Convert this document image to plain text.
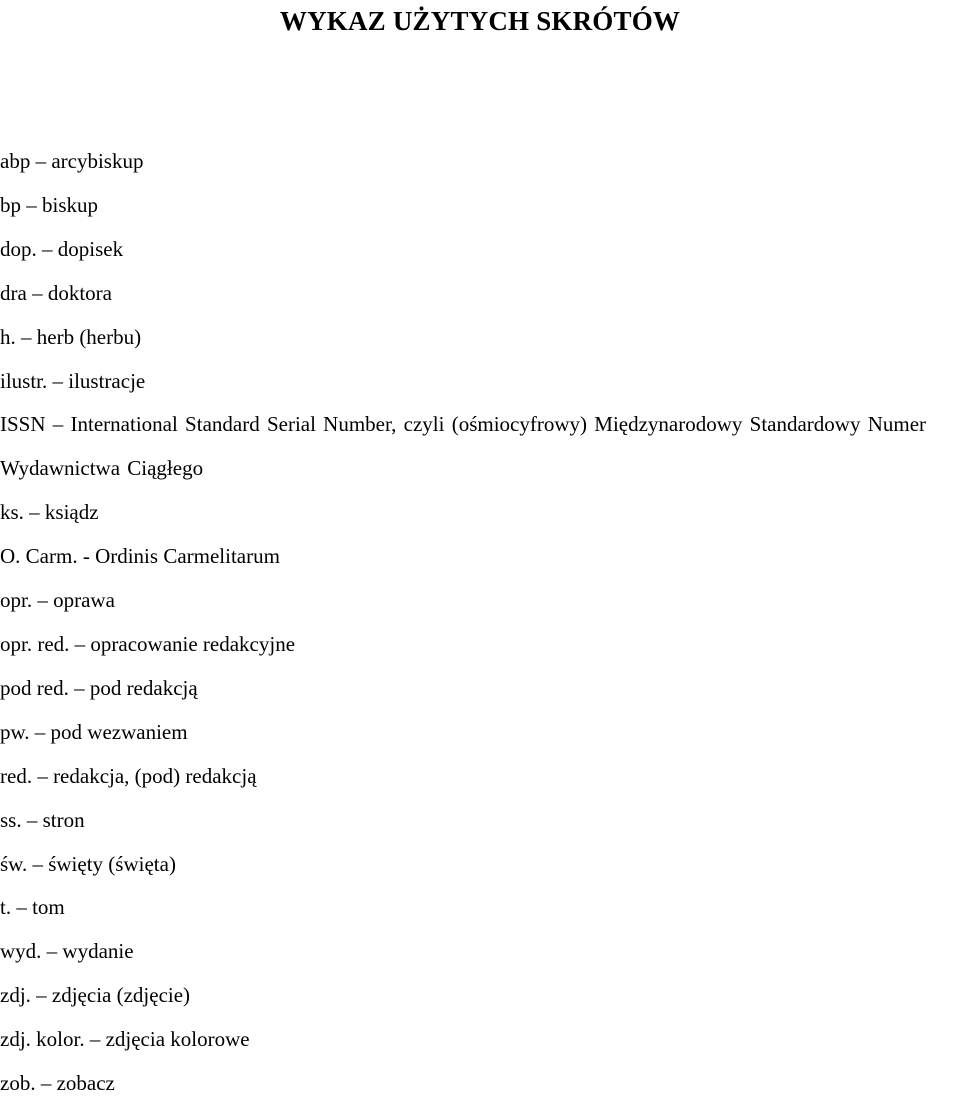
WYKAZ UŻYTYCH SKRÓTÓW
abp – arcybiskup
bp – biskup
dop. – dopisek
dra – doktora
h. – herb (herbu)
ilustr. – ilustracje
ISSN – International Standard Serial Number, czyli (ośmiocyfrowy) Międzynarodowy Standardowy Numer Wydawnictwa Ciągłego
ks. – ksiądz
O. Carm. - Ordinis Carmelitarum
opr. – oprawa
opr. red. – opracowanie redakcyjne
pod red. – pod redakcją
pw. – pod wezwaniem
red. – redakcja, (pod) redakcją
ss. – stron
św. – święty (święta)
t. – tom
wyd. – wydanie
zdj. – zdjęcia (zdjęcie)
zdj. kolor. – zdjęcia kolorowe
zob. – zobacz
